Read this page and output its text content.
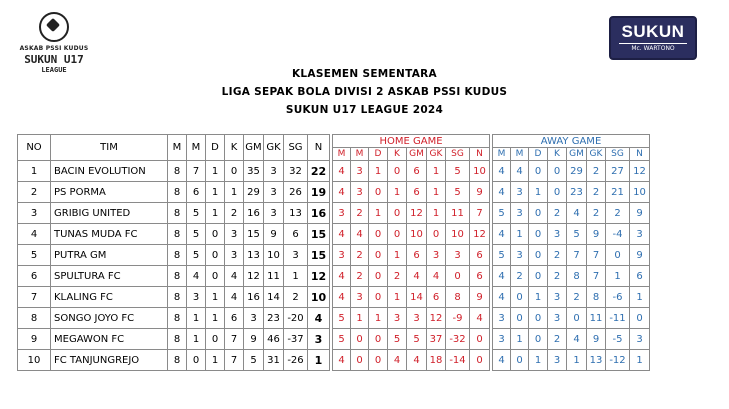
ASKAB PSSI KUDUS
SUKUN U17
LEAGUE
SUKUN
Mc. WARTONO
KLASEMEN SEMENTARA
LIGA SEPAK BOLA DIVISI 2 ASKAB PSSI KUDUS
SUKUN U17 LEAGUE 2024
NO	TIM	M	M	D	K	GM	GK	SG	N		HOME GAME									AWAY GAME							
											M	M	D	K	GM	GK	SG	N		M	M	D	K	GM	GK	SG	N
1	BACIN EVOLUTION	8	7	1	0	35	3	32	22		4	3	1	0	6	1	5	10		4	4	0	0	29	2	27	12
2	PS PORMA	8	6	1	1	29	3	26	19		4	3	0	1	6	1	5	9		4	3	1	0	23	2	21	10
3	GRIBIG UNITED	8	5	1	2	16	3	13	16		3	2	1	0	12	1	11	7		5	3	0	2	4	2	2	9
4	TUNAS MUDA FC	8	5	0	3	15	9	6	15		4	4	0	0	10	0	10	12		4	1	0	3	5	9	-4	3
5	PUTRA GM	8	5	0	3	13	10	3	15		3	2	0	1	6	3	3	6		5	3	0	2	7	7	0	9
6	SPULTURA FC	8	4	0	4	12	11	1	12		4	2	0	2	4	4	0	6		4	2	0	2	8	7	1	6
7	KLALING FC	8	3	1	4	16	14	2	10		4	3	0	1	14	6	8	9		4	0	1	3	2	8	-6	1
8	SONGO JOYO FC	8	1	1	6	3	23	-20	4		5	1	1	3	3	12	-9	4		3	0	0	3	0	11	-11	0
9	MEGAWON FC	8	1	0	7	9	46	-37	3		5	0	0	5	5	37	-32	0		3	1	0	2	4	9	-5	3
10	FC TANJUNGREJO	8	0	1	7	5	31	-26	1		4	0	0	4	4	18	-14	0		4	0	1	3	1	13	-12	1
